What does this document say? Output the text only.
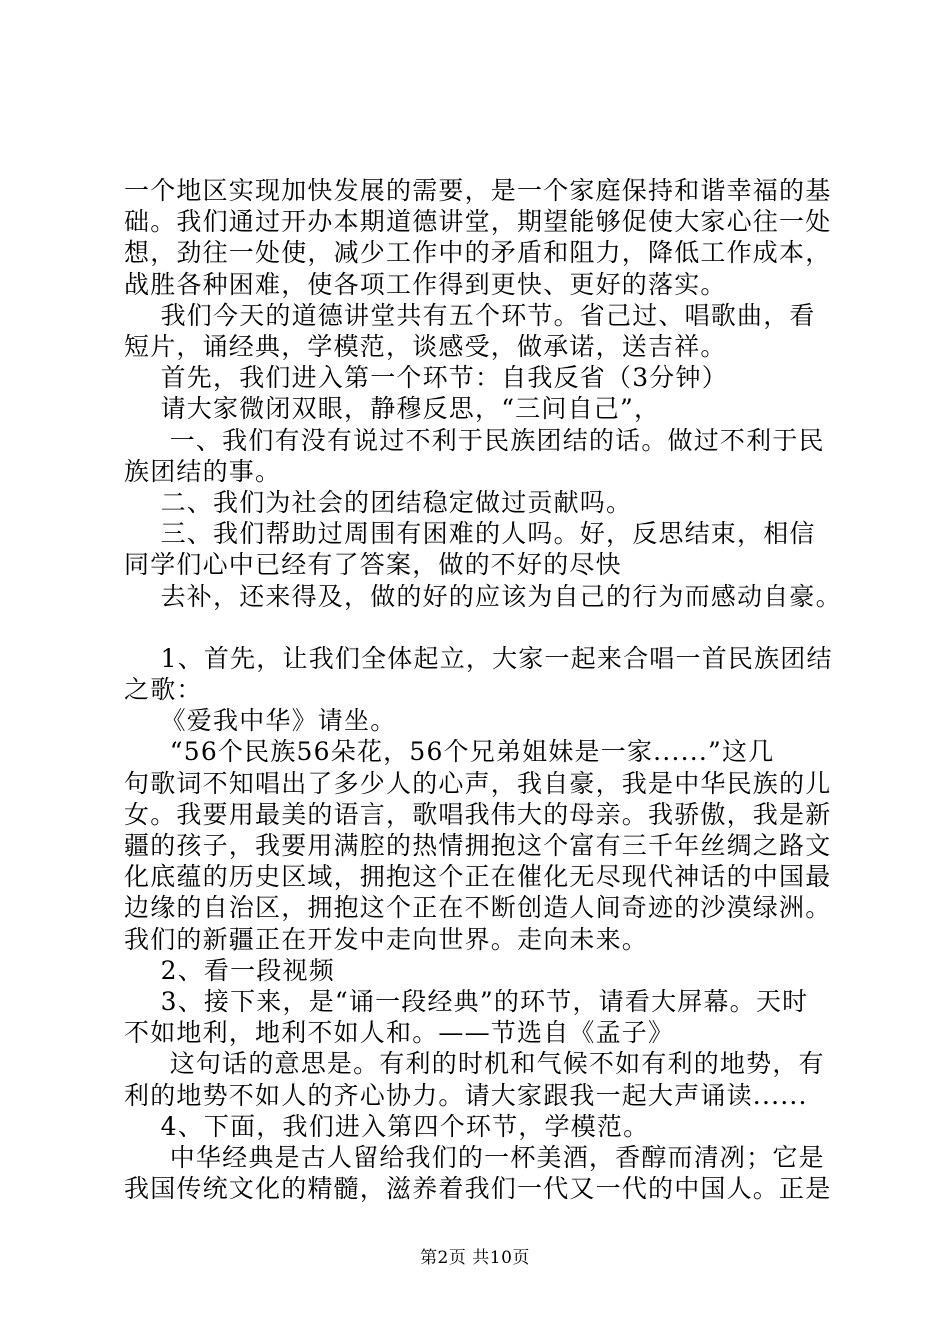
一个地区实现加快发展的需要，是一个家庭保持和谐幸福的基

础。我们通过开办本期道德讲堂，期望能够促使大家心往一处

想，劲往一处使，减少工作中的矛盾和阻力，降低工作成本，

战胜各种困难，使各项工作得到更快、更好的落实。

我们今天的道德讲堂共有五个环节。省己过、唱歌曲，看

短片，诵经典，学模范，谈感受，做承诺，送吉祥。

首先，我们进入第一个环节：自我反省（3分钟）

请大家微闭双眼，静穆反思，“三问自己”，

一、我们有没有说过不利于民族团结的话。做过不利于民

族团结的事。

二、我们为社会的团结稳定做过贡献吗。

三、我们帮助过周围有困难的人吗。好，反思结束，相信

同学们心中已经有了答案，做的不好的尽快

去补，还来得及，做的好的应该为自己的行为而感动自豪。

1、首先，让我们全体起立，大家一起来合唱一首民族团结

之歌：

《爱我中华》请坐。

“56个民族56朵花，56个兄弟姐妹是一家......”这几

句歌词不知唱出了多少人的心声，我自豪，我是中华民族的儿

女。我要用最美的语言，歌唱我伟大的母亲。我骄傲，我是新

疆的孩子，我要用满腔的热情拥抱这个富有三千年丝绸之路文

化底蕴的历史区域，拥抱这个正在催化无尽现代神话的中国最

边缘的自治区，拥抱这个正在不断创造人间奇迹的沙漠绿洲。

我们的新疆正在开发中走向世界。走向未来。

2、看一段视频

3、接下来，是“诵一段经典”的环节，请看大屏幕。天时

不如地利，地利不如人和。——节选自《孟子》

这句话的意思是。有利的时机和气候不如有利的地势，有

利的地势不如人的齐心协力。请大家跟我一起大声诵读......

4、下面，我们进入第四个环节，学模范。

中华经典是古人留给我们的一杯美酒，香醇而清冽；它是

我国传统文化的精髓，滋养着我们一代又一代的中国人。正是

第2页 共10页
